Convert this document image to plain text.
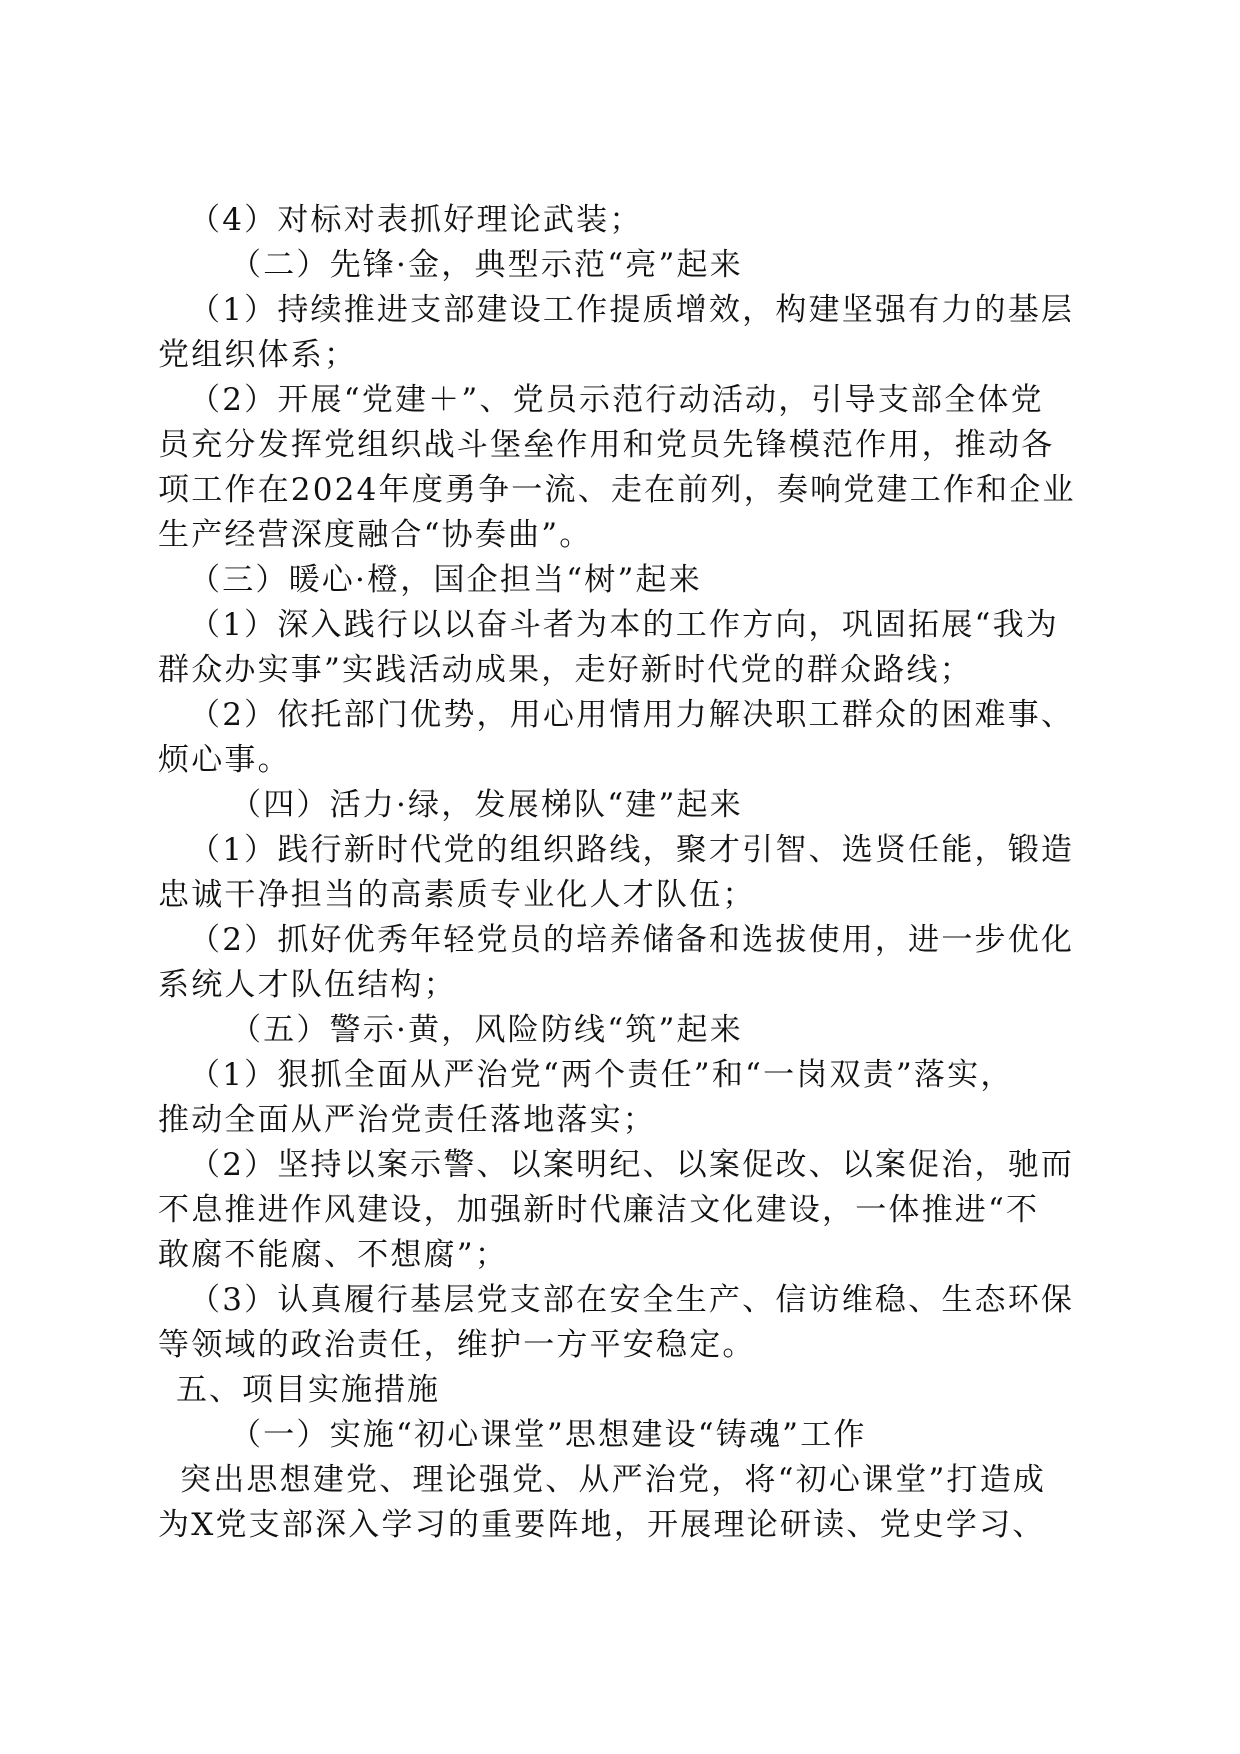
（4）对标对表抓好理论武装；

（二）先锋·金，典型示范“亮”起来

（1）持续推进支部建设工作提质增效，构建坚强有力的基层
党组织体系；

（2）开展“党建＋”、党员示范行动活动，引导支部全体党
员充分发挥党组织战斗堡垒作用和党员先锋模范作用，推动各
项工作在2024年度勇争一流、走在前列，奏响党建工作和企业
生产经营深度融合“协奏曲”。

（三）暖心·橙，国企担当“树”起来

（1）深入践行以以奋斗者为本的工作方向，巩固拓展“我为
群众办实事”实践活动成果，走好新时代党的群众路线；

（2）依托部门优势，用心用情用力解决职工群众的困难事、
烦心事。

（四）活力·绿，发展梯队“建”起来

（1）践行新时代党的组织路线，聚才引智、选贤任能，锻造
忠诚干净担当的高素质专业化人才队伍；

（2）抓好优秀年轻党员的培养储备和选拔使用，进一步优化
系统人才队伍结构；

（五）警示·黄，风险防线“筑”起来

（1）狠抓全面从严治党“两个责任”和“一岗双责”落实，
推动全面从严治党责任落地落实；

（2）坚持以案示警、以案明纪、以案促改、以案促治，驰而
不息推进作风建设，加强新时代廉洁文化建设，一体推进“不
敢腐不能腐、不想腐”；

（3）认真履行基层党支部在安全生产、信访维稳、生态环保
等领域的政治责任，维护一方平安稳定。

五、项目实施措施

（一）实施“初心课堂”思想建设“铸魂”工作

突出思想建党、理论强党、从严治党，将“初心课堂”打造成
为X党支部深入学习的重要阵地，开展理论研读、党史学习、
